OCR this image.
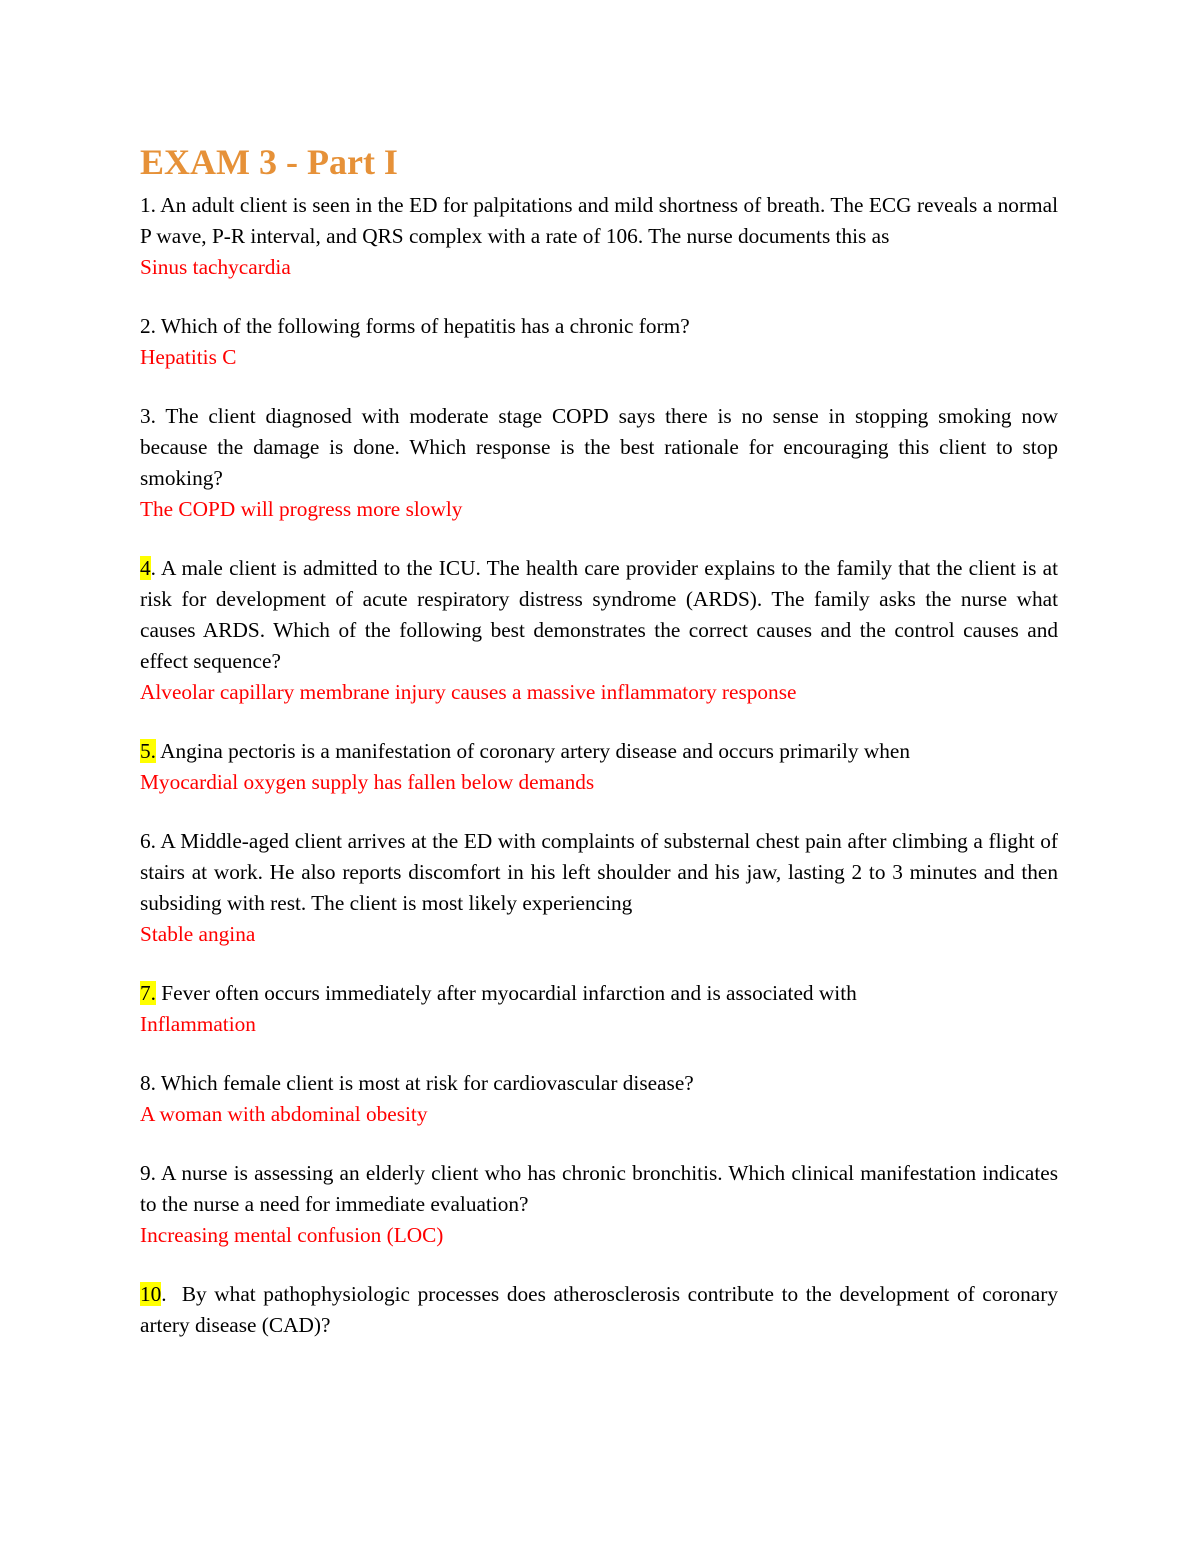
EXAM 3 - Part I

1. An adult client is seen in the ED for palpitations and mild shortness of breath. The ECG reveals a normal P wave, P-R interval, and QRS complex with a rate of 106. The nurse documents this as

Sinus tachycardia

2. Which of the following forms of hepatitis has a chronic form?

Hepatitis C

3. The client diagnosed with moderate stage COPD says there is no sense in stopping smoking now because the damage is done. Which response is the best rationale for encouraging this client to stop smoking?

The COPD will progress more slowly

4. A male client is admitted to the ICU. The health care provider explains to the family that the client is at risk for development of acute respiratory distress syndrome (ARDS). The family asks the nurse what causes ARDS. Which of the following best demonstrates the correct causes and the control causes and effect sequence?

Alveolar capillary membrane injury causes a massive inflammatory response

5. Angina pectoris is a manifestation of coronary artery disease and occurs primarily when

Myocardial oxygen supply has fallen below demands

6. A Middle-aged client arrives at the ED with complaints of substernal chest pain after climbing a flight of stairs at work. He also reports discomfort in his left shoulder and his jaw, lasting 2 to 3 minutes and then subsiding with rest. The client is most likely experiencing

Stable angina

7. Fever often occurs immediately after myocardial infarction and is associated with

Inflammation

8. Which female client is most at risk for cardiovascular disease?

A woman with abdominal obesity

9. A nurse is assessing an elderly client who has chronic bronchitis. Which clinical manifestation indicates to the nurse a need for immediate evaluation?

Increasing mental confusion (LOC)

10.  By what pathophysiologic processes does atherosclerosis contribute to the development of coronary artery disease (CAD)?
